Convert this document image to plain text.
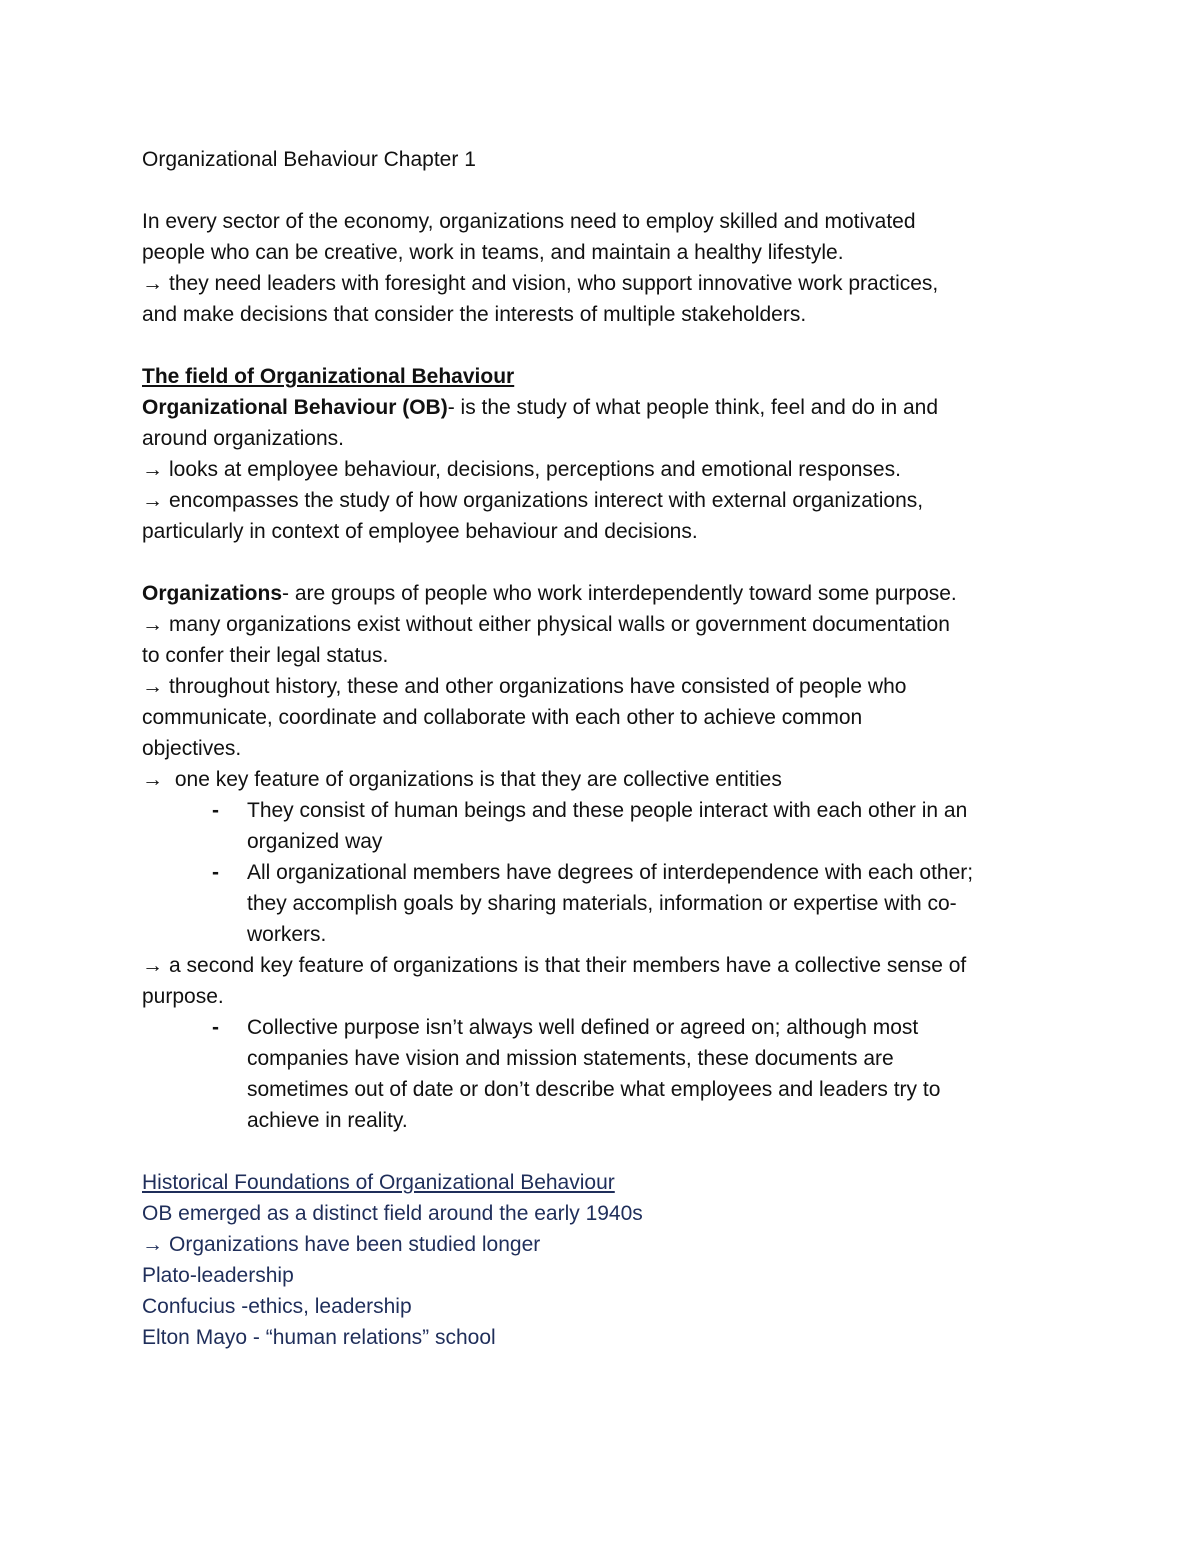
Organizational Behaviour Chapter 1
In every sector of the economy, organizations need to employ skilled and motivated
people who can be creative, work in teams, and maintain a healthy lifestyle.
→ they need leaders with foresight and vision, who support innovative work practices,
and make decisions that consider the interests of multiple stakeholders.
The field of Organizational Behaviour
Organizational Behaviour (OB)- is the study of what people think, feel and do in and
around organizations.
→ looks at employee behaviour, decisions, perceptions and emotional responses.
→ encompasses the study of how organizations interect with external organizations,
particularly in context of employee behaviour and decisions.
Organizations- are groups of people who work interdependently toward some purpose.
→ many organizations exist without either physical walls or government documentation
to confer their legal status.
→ throughout history, these and other organizations have consisted of people who
communicate, coordinate and collaborate with each other to achieve common
objectives.
→ one key feature of organizations is that they are collective entities
- They consist of human beings and these people interact with each other in an
organized way
- All organizational members have degrees of interdependence with each other;
they accomplish goals by sharing materials, information or expertise with co-
workers.
→ a second key feature of organizations is that their members have a collective sense of
purpose.
- Collective purpose isn’t always well defined or agreed on; although most
companies have vision and mission statements, these documents are
sometimes out of date or don’t describe what employees and leaders try to
achieve in reality.
Historical Foundations of Organizational Behaviour
OB emerged as a distinct field around the early 1940s
→ Organizations have been studied longer
Plato-leadership
Confucius -ethics, leadership
Elton Mayo - “human relations” school
